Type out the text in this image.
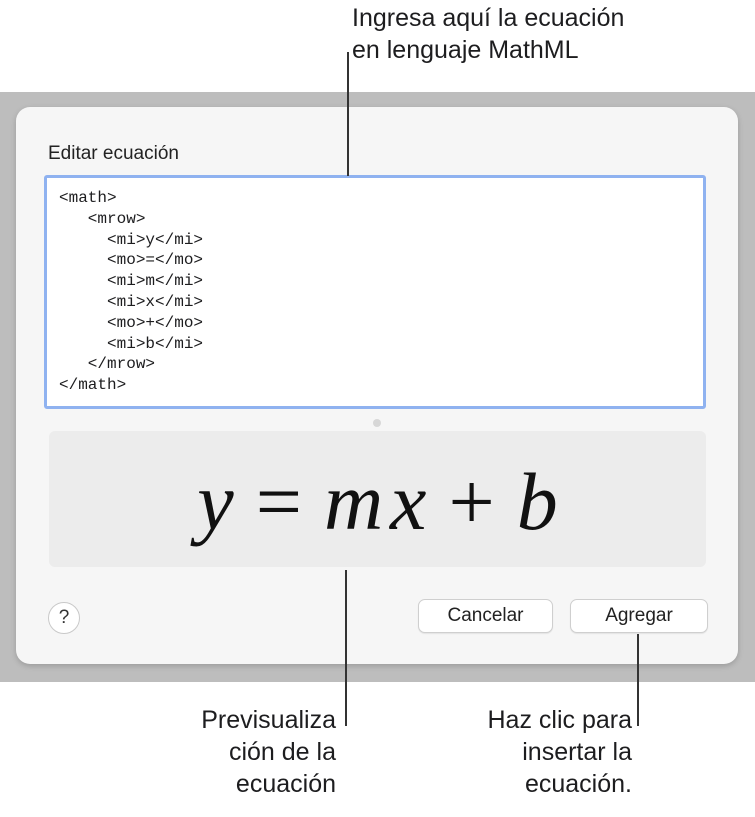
Editar ecuación
<math>
<mrow>
<mi>y</mi>
<mo>=</mo>
<mi>m</mi>
<mi>x</mi>
<mo>+</mo>
<mi>b</mi>
</mrow>
</math>
y = m x + b
?	Cancelar	Agregar
Ingresa aquí la ecuación
en lenguaje MathML
Previsualiza
ción de la
ecuación
Haz clic para
insertar la
ecuación.
